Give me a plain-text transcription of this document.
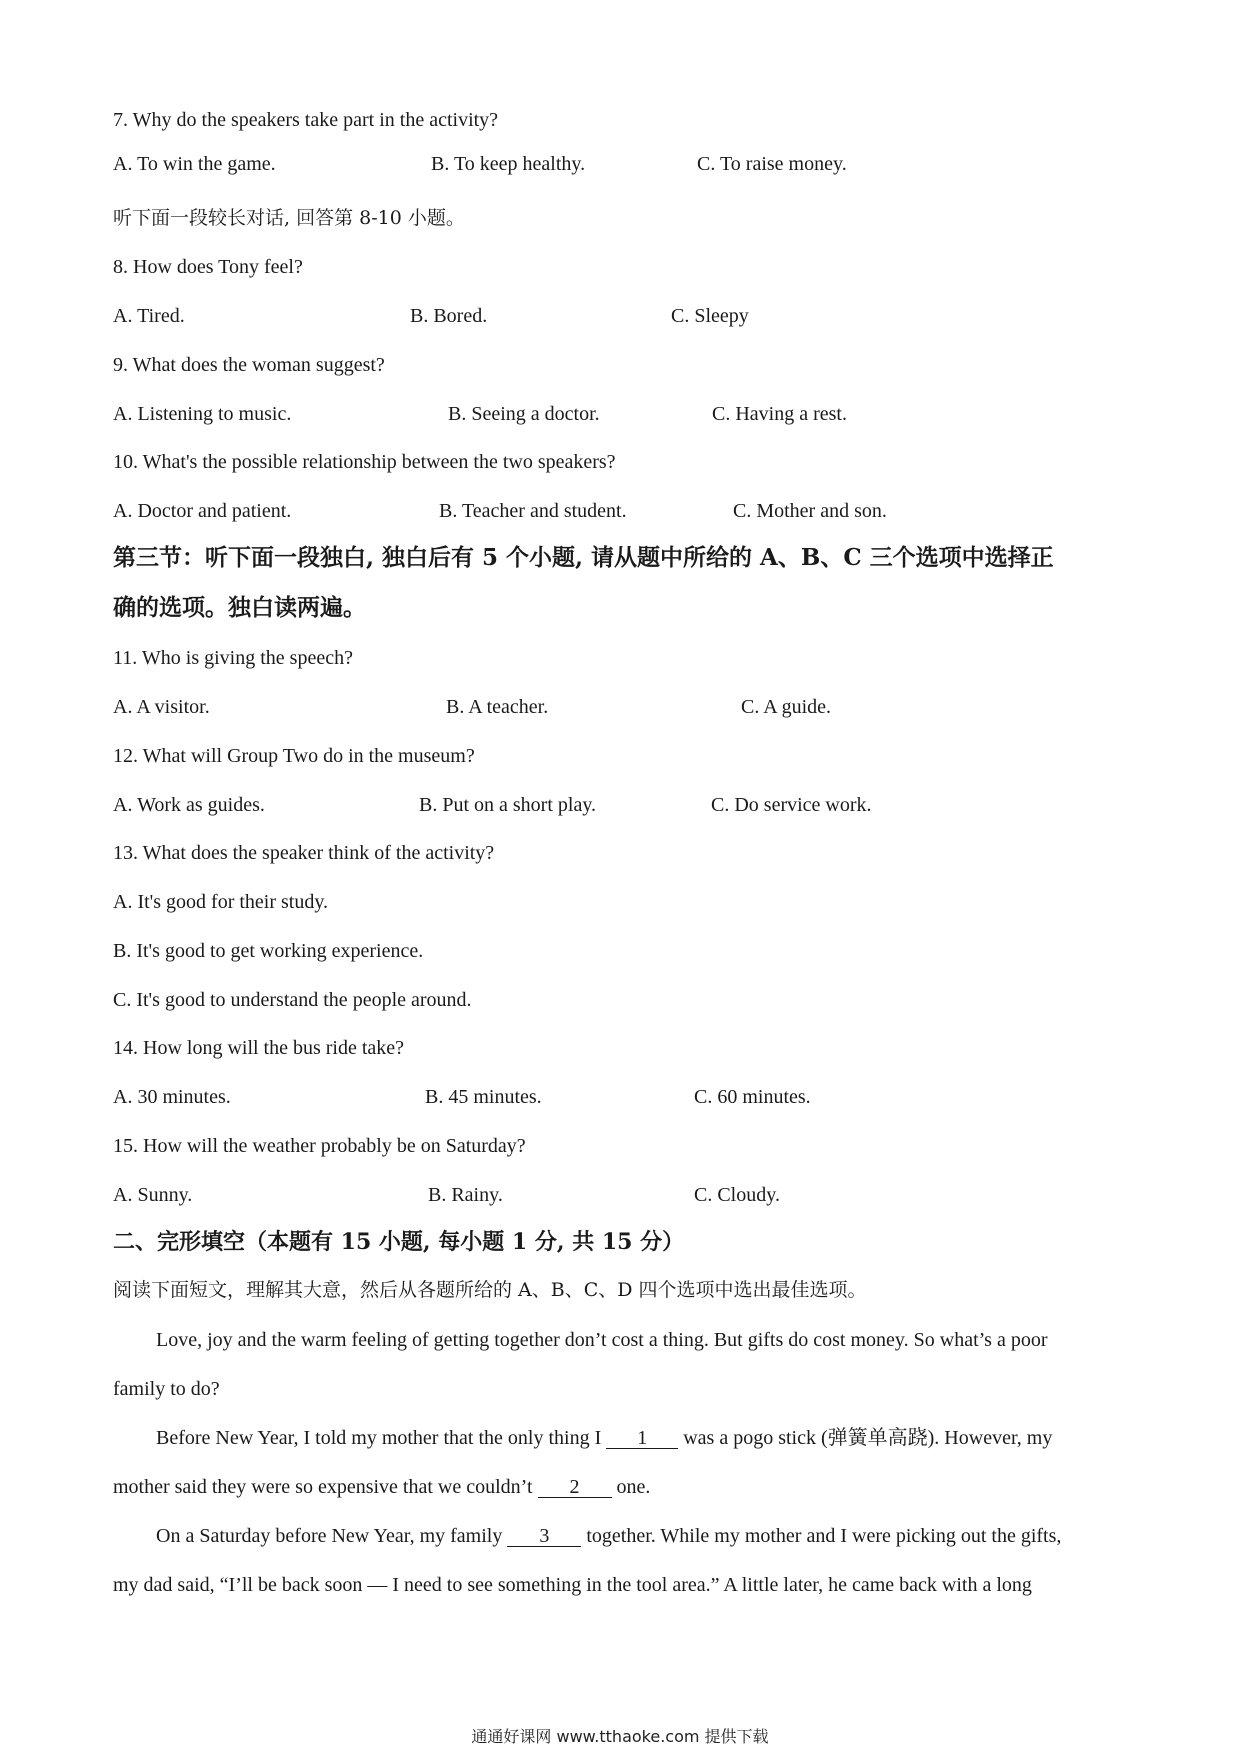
7. Why do the speakers take part in the activity?
A. To win the game.	B. To keep healthy.	C. To raise money.
听下面一段较长对话, 回答第 8-10 小题。
8. How does Tony feel?
A. Tired.	B. Bored.	C. Sleepy
9. What does the woman suggest?
A. Listening to music.	B. Seeing a doctor.	C. Having a rest.
10. What's the possible relationship between the two speakers?
A. Doctor and patient.	B. Teacher and student.	C. Mother and son.
第三节：听下面一段独白, 独白后有 5 个小题, 请从题中所给的 A、B、C 三个选项中选择正
确的选项。独白读两遍。
11. Who is giving the speech?
A. A visitor.	B. A teacher.	C. A guide.
12. What will Group Two do in the museum?
A. Work as guides.	B. Put on a short play.	C. Do service work.
13. What does the speaker think of the activity?
A. It's good for their study.
B. It's good to get working experience.
C. It's good to understand the people around.
14. How long will the bus ride take?
A. 30 minutes.	B. 45 minutes.	C. 60 minutes.
15. How will the weather probably be on Saturday?
A. Sunny.	B. Rainy.	C. Cloudy.
二、完形填空（本题有 15 小题, 每小题 1 分, 共 15 分）
阅读下面短文，理解其大意，然后从各题所给的 A、B、C、D 四个选项中选出最佳选项。
Love, joy and the warm feeling of getting together don’t cost a thing. But gifts do cost money. So what’s a poor
family to do?
Before New Year, I told my mother that the only thing I 1 was a pogo stick (弹簧单高跷). However, my
mother said they were so expensive that we couldn’t 2 one.
On a Saturday before New Year, my family 3 together. While my mother and I were picking out the gifts,
my dad said, “I’ll be back soon — I need to see something in the tool area.” A little later, he came back with a long
通通好课网 www.tthaoke.com 提供下载
